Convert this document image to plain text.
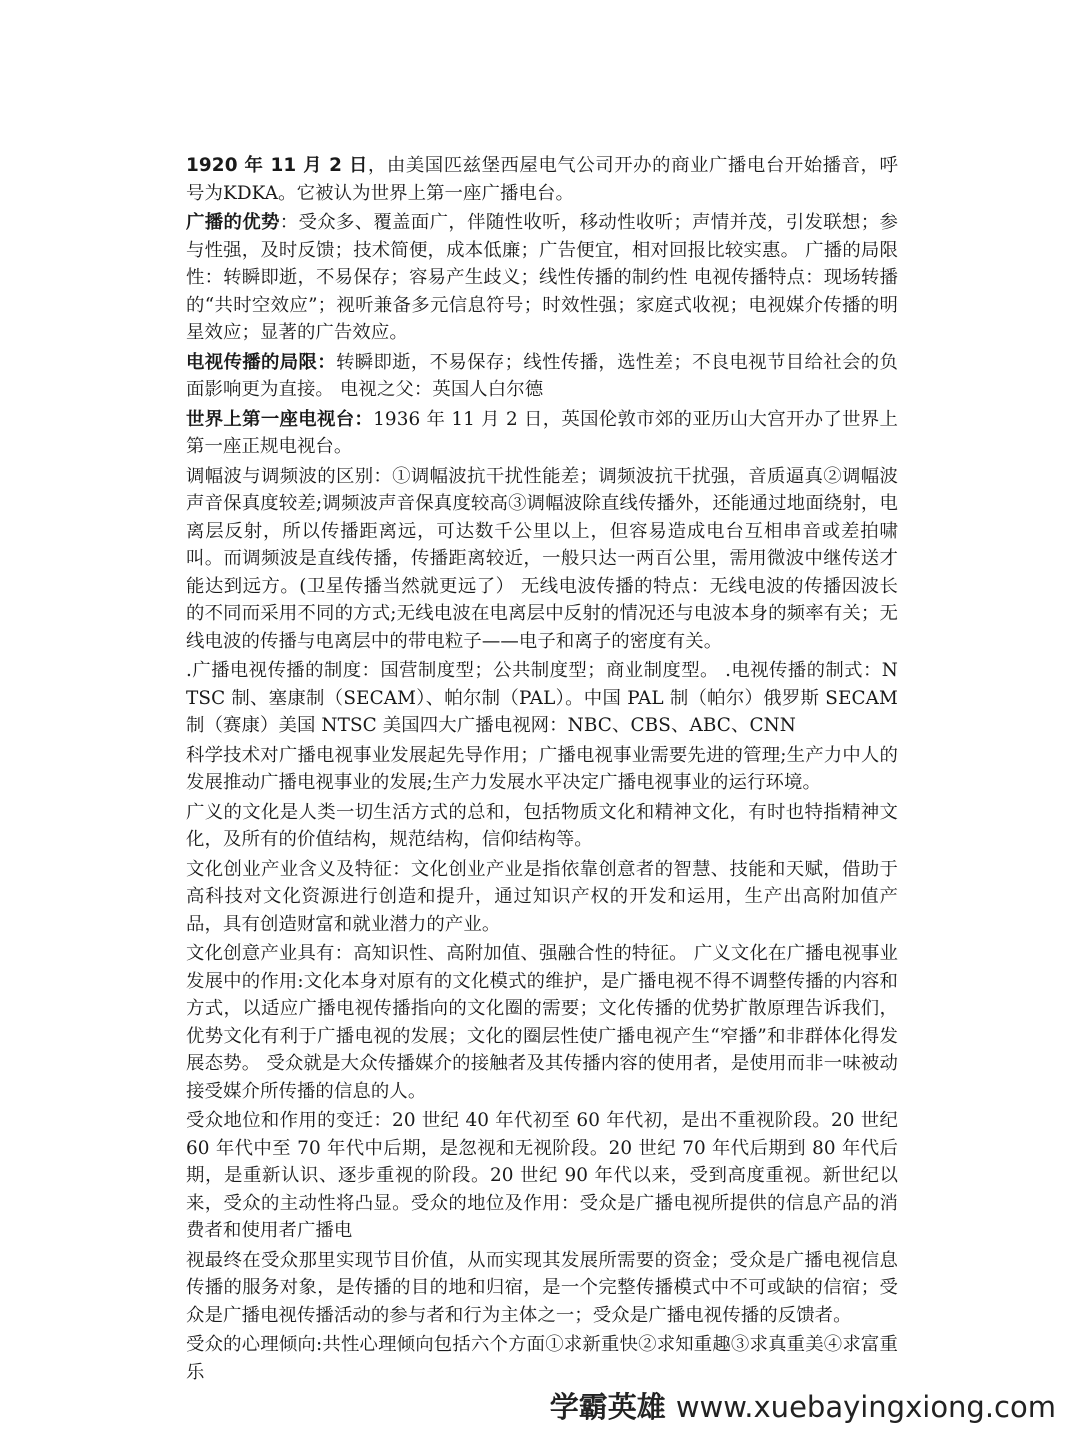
1920 年 11 月 2 日，由美国匹兹堡西屋电气公司开办的商业广播电台开始播音，呼号为KDKA。它被认为世界上第一座广播电台。

广播的优势：受众多、覆盖面广，伴随性收听，移动性收听；声情并茂，引发联想；参与性强，及时反馈；技术简便，成本低廉；广告便宜，相对回报比较实惠。 广播的局限性：转瞬即逝，不易保存；容易产生歧义；线性传播的制约性 电视传播特点：现场转播的“共时空效应”；视听兼备多元信息符号；时效性强；家庭式收视；电视媒介传播的明星效应；显著的广告效应。

电视传播的局限：转瞬即逝，不易保存；线性传播，选性差；不良电视节目给社会的负面影响更为直接。 电视之父：英国人白尔德

世界上第一座电视台：1936 年 11 月 2 日，英国伦敦市郊的亚历山大宫开办了世界上第一座正规电视台。

调幅波与调频波的区别：①调幅波抗干扰性能差；调频波抗干扰强，音质逼真②调幅波声音保真度较差;调频波声音保真度较高③调幅波除直线传播外，还能通过地面绕射，电离层反射，所以传播距离远，可达数千公里以上，但容易造成电台互相串音或差拍啸叫。而调频波是直线传播，传播距离较近，一般只达一两百公里，需用微波中继传送才能达到远方。(卫星传播当然就更远了） 无线电波传播的特点：无线电波的传播因波长的不同而采用不同的方式;无线电波在电离层中反射的情况还与电波本身的频率有关；无线电波的传播与电离层中的带电粒子——电子和离子的密度有关。

.广播电视传播的制度：国营制度型；公共制度型；商业制度型。 .电视传播的制式：NTSC 制、塞康制（SECAM）、帕尔制（PAL）。中国 PAL 制（帕尔）俄罗斯 SECAM 制（赛康）美国 NTSC 美国四大广播电视网：NBC、CBS、ABC、CNN

科学技术对广播电视事业发展起先导作用；广播电视事业需要先进的管理;生产力中人的发展推动广播电视事业的发展;生产力发展水平决定广播电视事业的运行环境。

广义的文化是人类一切生活方式的总和，包括物质文化和精神文化，有时也特指精神文化，及所有的价值结构，规范结构，信仰结构等。

文化创业产业含义及特征：文化创业产业是指依靠创意者的智慧、技能和天赋，借助于高科技对文化资源进行创造和提升，通过知识产权的开发和运用，生产出高附加值产品，具有创造财富和就业潜力的产业。

文化创意产业具有：高知识性、高附加值、强融合性的特征。 广义文化在广播电视事业发展中的作用:文化本身对原有的文化模式的维护，是广播电视不得不调整传播的内容和方式，以适应广播电视传播指向的文化圈的需要；文化传播的优势扩散原理告诉我们，优势文化有利于广播电视的发展；文化的圈层性使广播电视产生“窄播”和非群体化得发展态势。 受众就是大众传播媒介的接触者及其传播内容的使用者，是使用而非一味被动接受媒介所传播的信息的人。

受众地位和作用的变迁：20 世纪 40 年代初至 60 年代初，是出不重视阶段。20 世纪 60 年代中至 70 年代中后期，是忽视和无视阶段。20 世纪 70 年代后期到 80 年代后期，是重新认识、逐步重视的阶段。20 世纪 90 年代以来，受到高度重视。新世纪以来，受众的主动性将凸显。受众的地位及作用：受众是广播电视所提供的信息产品的消费者和使用者广播电

视最终在受众那里实现节目价值，从而实现其发展所需要的资金；受众是广播电视信息传播的服务对象，是传播的目的地和归宿，是一个完整传播模式中不可或缺的信宿；受众是广播电视传播活动的参与者和行为主体之一；受众是广播电视传播的反馈者。

受众的心理倾向:共性心理倾向包括六个方面①求新重快②求知重趣③求真重美④求富重乐

学霸英雄 www.xuebayingxiong.com
